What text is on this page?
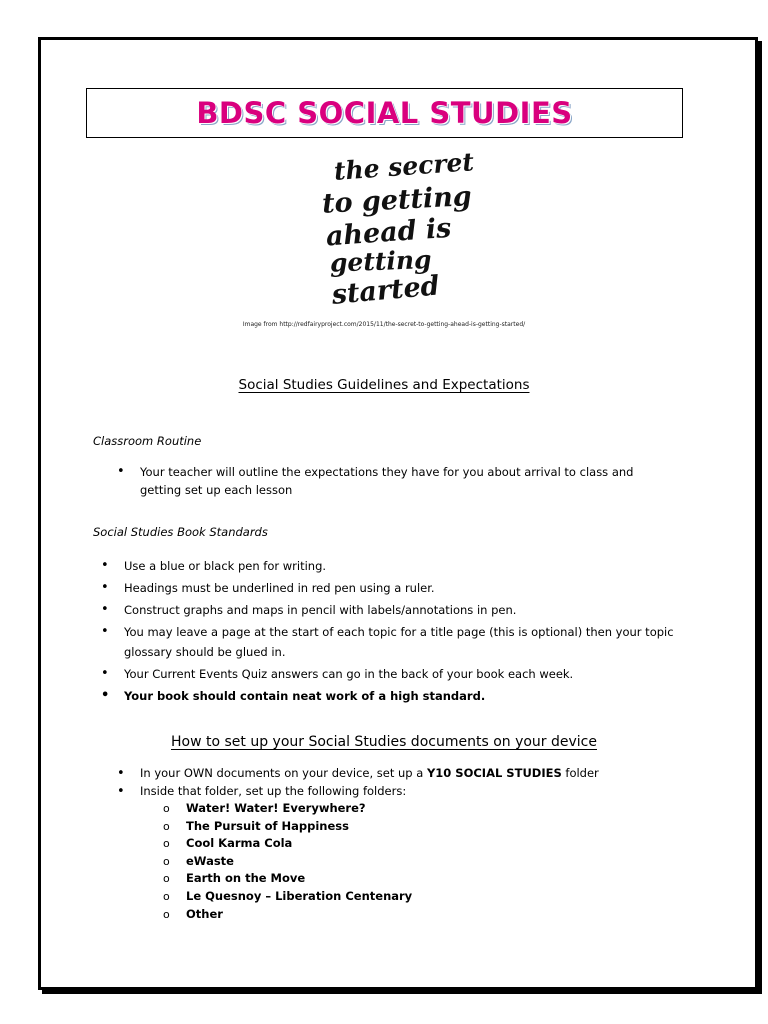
BDSC SOCIAL STUDIES
the secret
to getting
ahead is
getting
started
Image from http://redfairyproject.com/2015/11/the-secret-to-getting-ahead-is-getting-started/
Social Studies Guidelines and Expectations
Classroom Routine
• Your teacher will outline the expectations they have for you about arrival to class and getting set up each lesson
Social Studies Book Standards
• Use a blue or black pen for writing.
• Headings must be underlined in red pen using a ruler.
• Construct graphs and maps in pencil with labels/annotations in pen.
• You may leave a page at the start of each topic for a title page (this is optional) then your topic glossary should be glued in.
• Your Current Events Quiz answers can go in the back of your book each week.
• Your book should contain neat work of a high standard.
How to set up your Social Studies documents on your device
• In your OWN documents on your device, set up a Y10 SOCIAL STUDIES folder
• Inside that folder, set up the following folders:
o Water! Water! Everywhere?
o The Pursuit of Happiness
o Cool Karma Cola
o eWaste
o Earth on the Move
o Le Quesnoy – Liberation Centenary
o Other
